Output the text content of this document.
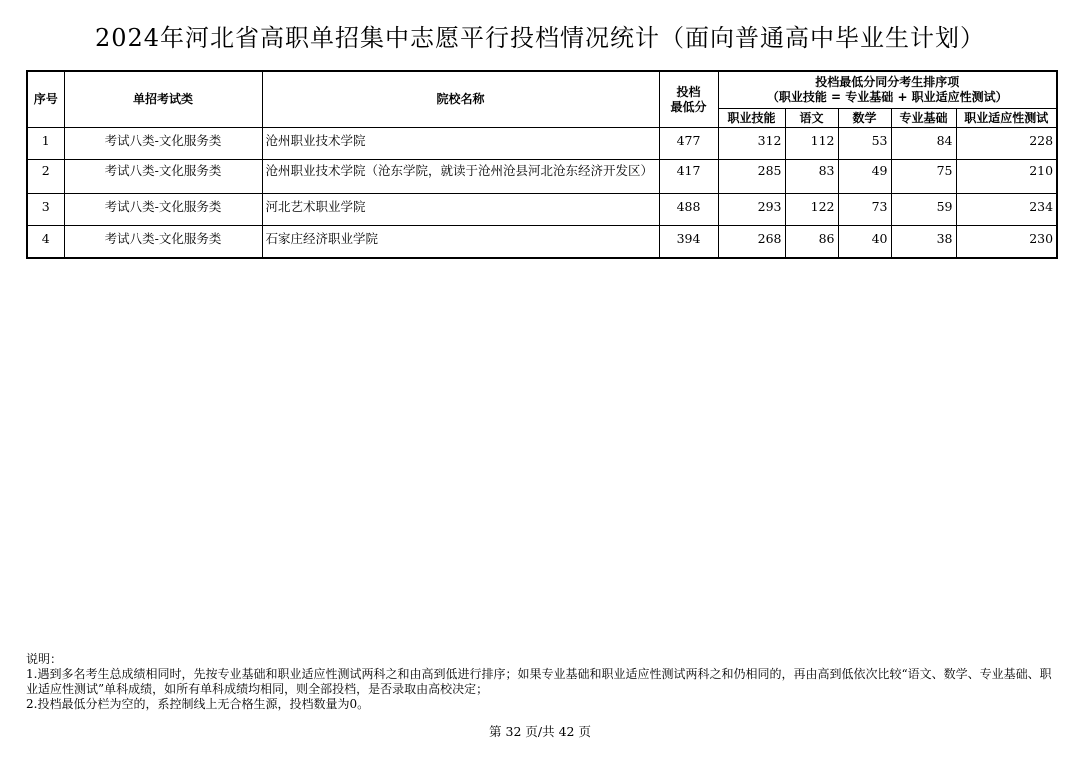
2024年河北省高职单招集中志愿平行投档情况统计（面向普通高中毕业生计划）
序号	单招考试类	院校名称	投档
最低分	投档最低分同分考生排序项
（职业技能 = 专业基础 + 职业适应性测试）				
				职业技能	语文	数学	专业基础	职业适应性测试
1	考试八类-文化服务类	沧州职业技术学院	477	312	112	53	84	228
2	考试八类-文化服务类	沧州职业技术学院（沧东学院，就读于沧州沧县河北沧东经济开发区）	417	285	83	49	75	210
3	考试八类-文化服务类	河北艺术职业学院	488	293	122	73	59	234
4	考试八类-文化服务类	石家庄经济职业学院	394	268	86	40	38	230
说明：
1.遇到多名考生总成绩相同时，先按专业基础和职业适应性测试两科之和由高到低进行排序；如果专业基础和职业适应性测试两科之和仍相同的，再由高到低依次比较“语文、数学、专业基础、职业适应性测试”单科成绩，如所有单科成绩均相同，则全部投档，是否录取由高校决定；
2.投档最低分栏为空的，系控制线上无合格生源，投档数量为0。
第 32 页/共 42 页
